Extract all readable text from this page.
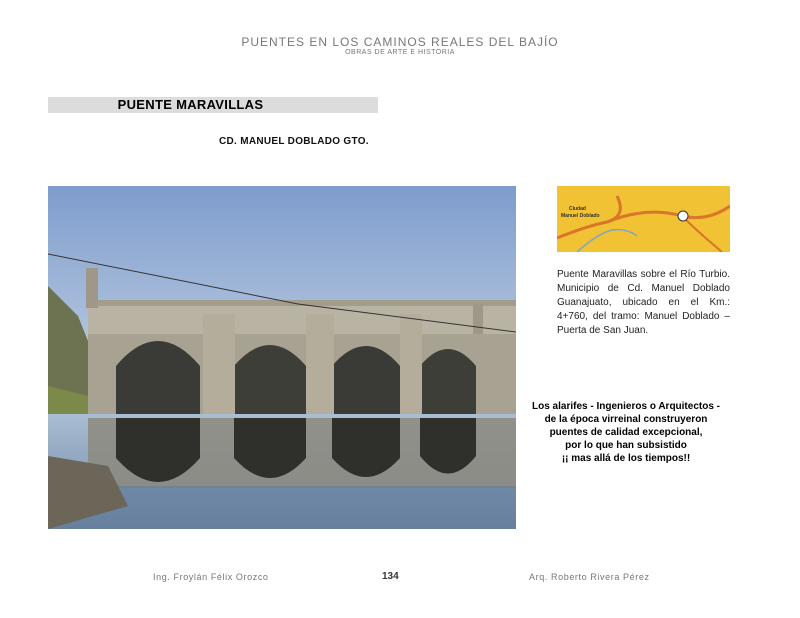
PUENTES EN LOS CAMINOS REALES DEL BAJÍO
OBRAS DE ARTE E HISTORIA
PUENTE MARAVILLAS
CD. MANUEL DOBLADO GTO.
Ciudad
Manuel Doblado
Puente Maravillas sobre el Río Turbio. Municipio de Cd. Manuel Doblado Guanajuato, ubicado en el Km.: 4+760, del tramo: Manuel Doblado – Puerta de San Juan.
Los alarifes - Ingenieros o Arquitectos -
de la época virreinal construyeron
puentes de calidad excepcional,
por lo que han subsistido
¡¡ mas allá de los tiempos!!
Ing. Froylán Félix Orozco	134	Arq. Roberto Rivera Pérez
